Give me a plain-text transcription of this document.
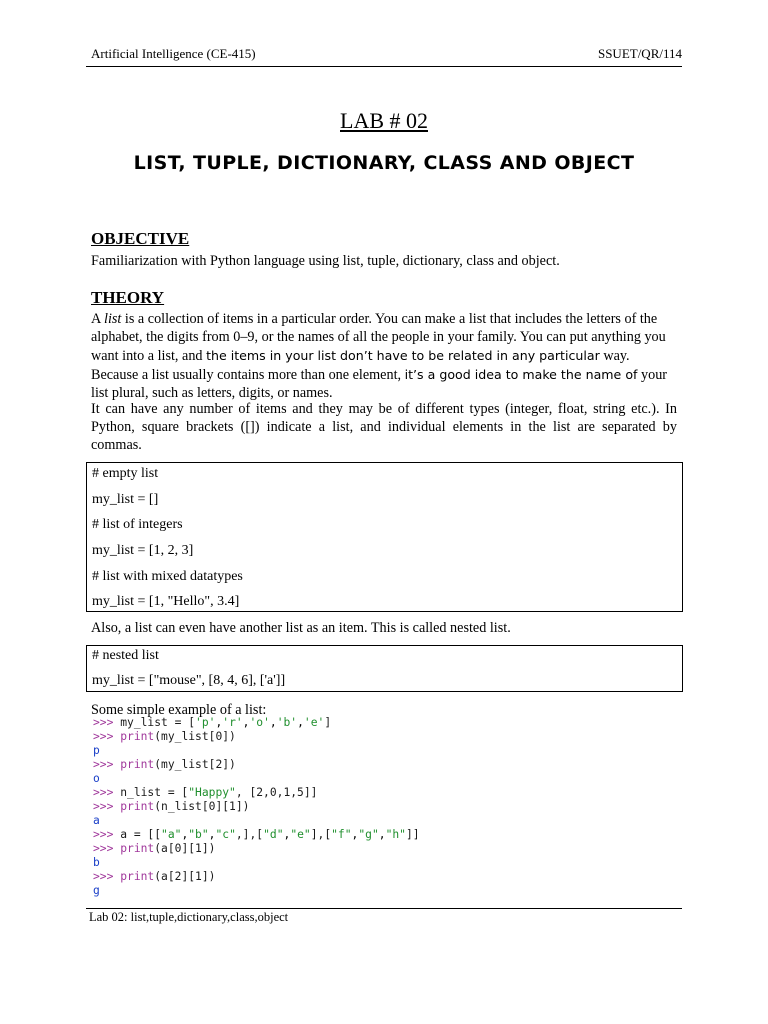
Artificial Intelligence (CE-415)	SSUET/QR/114
LAB # 02
LIST, TUPLE, DICTIONARY, CLASS AND OBJECT
OBJECTIVE
Familiarization with Python language using list, tuple, dictionary, class and object.
THEORY
A list is a collection of items in a particular order. You can make a list that includes the letters of the alphabet, the digits from 0–9, or the names of all the people in your family. You can put anything you want into a list, and the items in your list don’t have to be related in any particular way. Because a list usually contains more than one element, it’s a good idea to make the name of your list plural, such as letters, digits, or names.
It can have any number of items and they may be of different types (integer, float, string etc.). In
Python, square brackets ([]) indicate a list, and individual elements in the list are separated by
commas.
# empty list
my_list = []
# list of integers
my_list = [1, 2, 3]
# list with mixed datatypes
my_list = [1, "Hello", 3.4]
Also, a list can even have another list as an item. This is called nested list.
# nested list
my_list = ["mouse", [8, 4, 6], ['a']]
Some simple example of a list:
>>> my_list = ['p','r','o','b','e']
>>> print(my_list[0])
p
>>> print(my_list[2])
o
>>> n_list = ["Happy", [2,0,1,5]]
>>> print(n_list[0][1])
a
>>> a = [["a","b","c",],["d","e"],["f","g","h"]]
>>> print(a[0][1])
b
>>> print(a[2][1])
g
Lab 02: list,tuple,dictionary,class,object
